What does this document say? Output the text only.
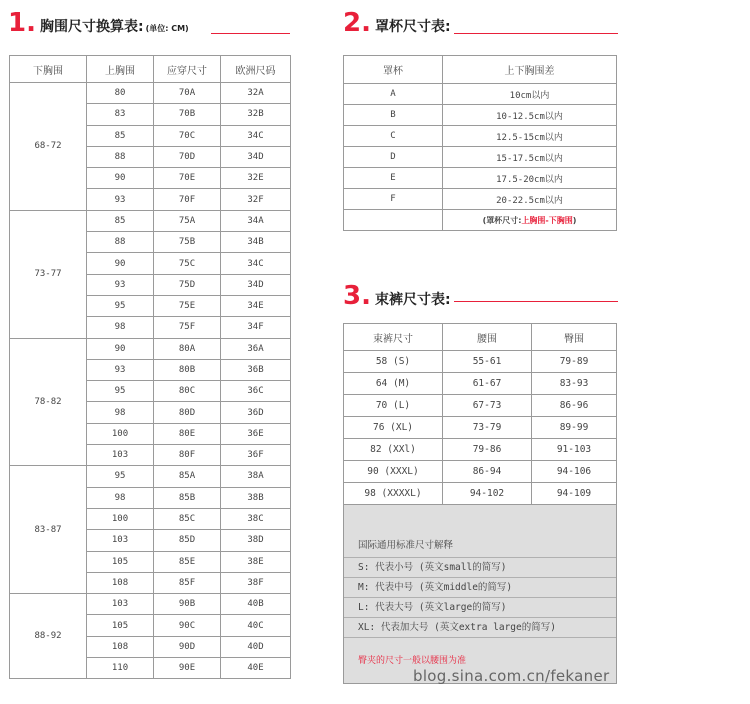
1. 胸围尺寸换算表: (单位: CM)
下胸围	上胸围	应穿尺寸	欧洲尺码
68-72	80	70A	32A
	83	70B	32B
	85	70C	34C
	88	70D	34D
	90	70E	32E
	93	70F	32F
73-77	85	75A	34A
	88	75B	34B
	90	75C	34C
	93	75D	34D
	95	75E	34E
	98	75F	34F
78-82	90	80A	36A
	93	80B	36B
	95	80C	36C
	98	80D	36D
	100	80E	36E
	103	80F	36F
83-87	95	85A	38A
	98	85B	38B
	100	85C	38C
	103	85D	38D
	105	85E	38E
	108	85F	38F
88-92	103	90B	40B
	105	90C	40C
	108	90D	40D
	110	90E	40E
2. 罩杯尺寸表:
罩杯	上下胸围差
A	10cm以内
B	10-12.5cm以内
C	12.5-15cm以内
D	15-17.5cm以内
E	17.5-20cm以内
F	20-22.5cm以内
	(罩杯尺寸:上胸围-下胸围)
3. 束裤尺寸表:
束裤尺寸	腰围	臀围
58 (S)	55-61	79-89
64 (M)	61-67	83-93
70 (L)	67-73	86-96
76 (XL)	73-79	89-99
82 (XXl)	79-86	91-103
90 (XXXL)	86-94	94-106
98 (XXXXL)	94-102	94-109
国际通用标准尺寸解释
S: 代表小号 (英文small的简写)
M: 代表中号 (英文middle的简写)
L: 代表大号 (英文large的简写)
XL: 代表加大号 (英文extra large的简写)
臀夹的尺寸一般以腰围为准
blog.sina.com.cn/fekaner
